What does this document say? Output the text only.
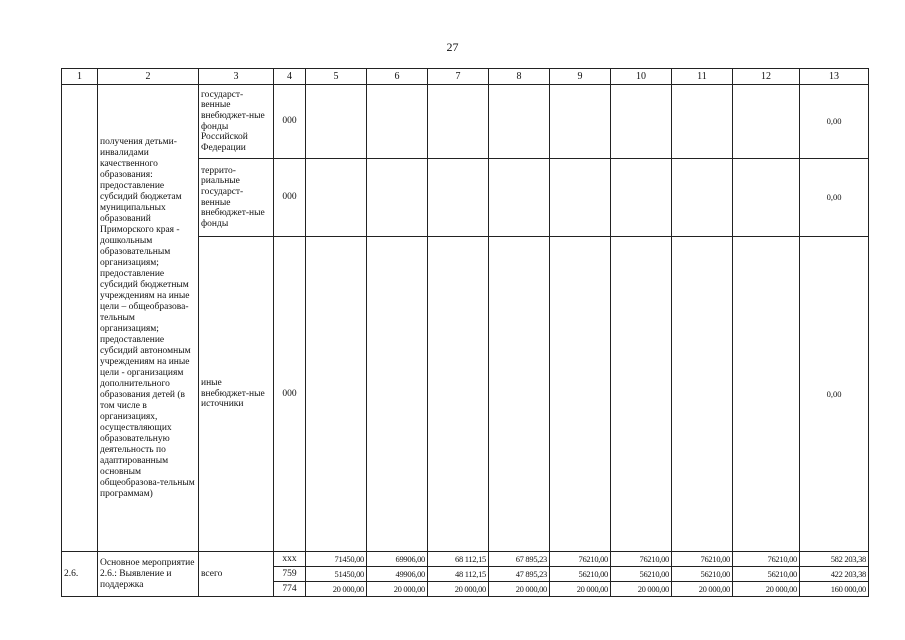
27
1	2	3	4	5	6	7	8	9	10	11	12	13
	получения детьми-инвалидами качественного образования: предоставление субсидий бюджетам муниципальных образований Приморского края - дошкольным образовательным организациям; предоставление субсидий бюджетным учреждениям на иные цели – общеобразова-тельным организациям; предоставление субсидий автономным учреждениям на иные цели - организациям дополнительного образования детей (в том числе в организациях, осуществляющих образовательную деятельность по адаптированным основным общеобразова-тельным программам)	государст-венные внебюджет-ные фонды Российской Федерации	000									0,00
		террито-риальные государст-венные внебюджет-ные фонды	000									0,00
		иные внебюджет-ные источники	000									0,00
2.6.	Основное мероприятие 2.6.: Выявление и поддержка	всего	ххх	71450,00	69906,00	68 112,15	67 895,23	76210,00	76210,00	76210,00	76210,00	582 203,38
			759	51450,00	49906,00	48 112,15	47 895,23	56210,00	56210,00	56210,00	56210,00	422 203,38
			774	20 000,00	20 000,00	20 000,00	20 000,00	20 000,00	20 000,00	20 000,00	20 000,00	160 000,00
